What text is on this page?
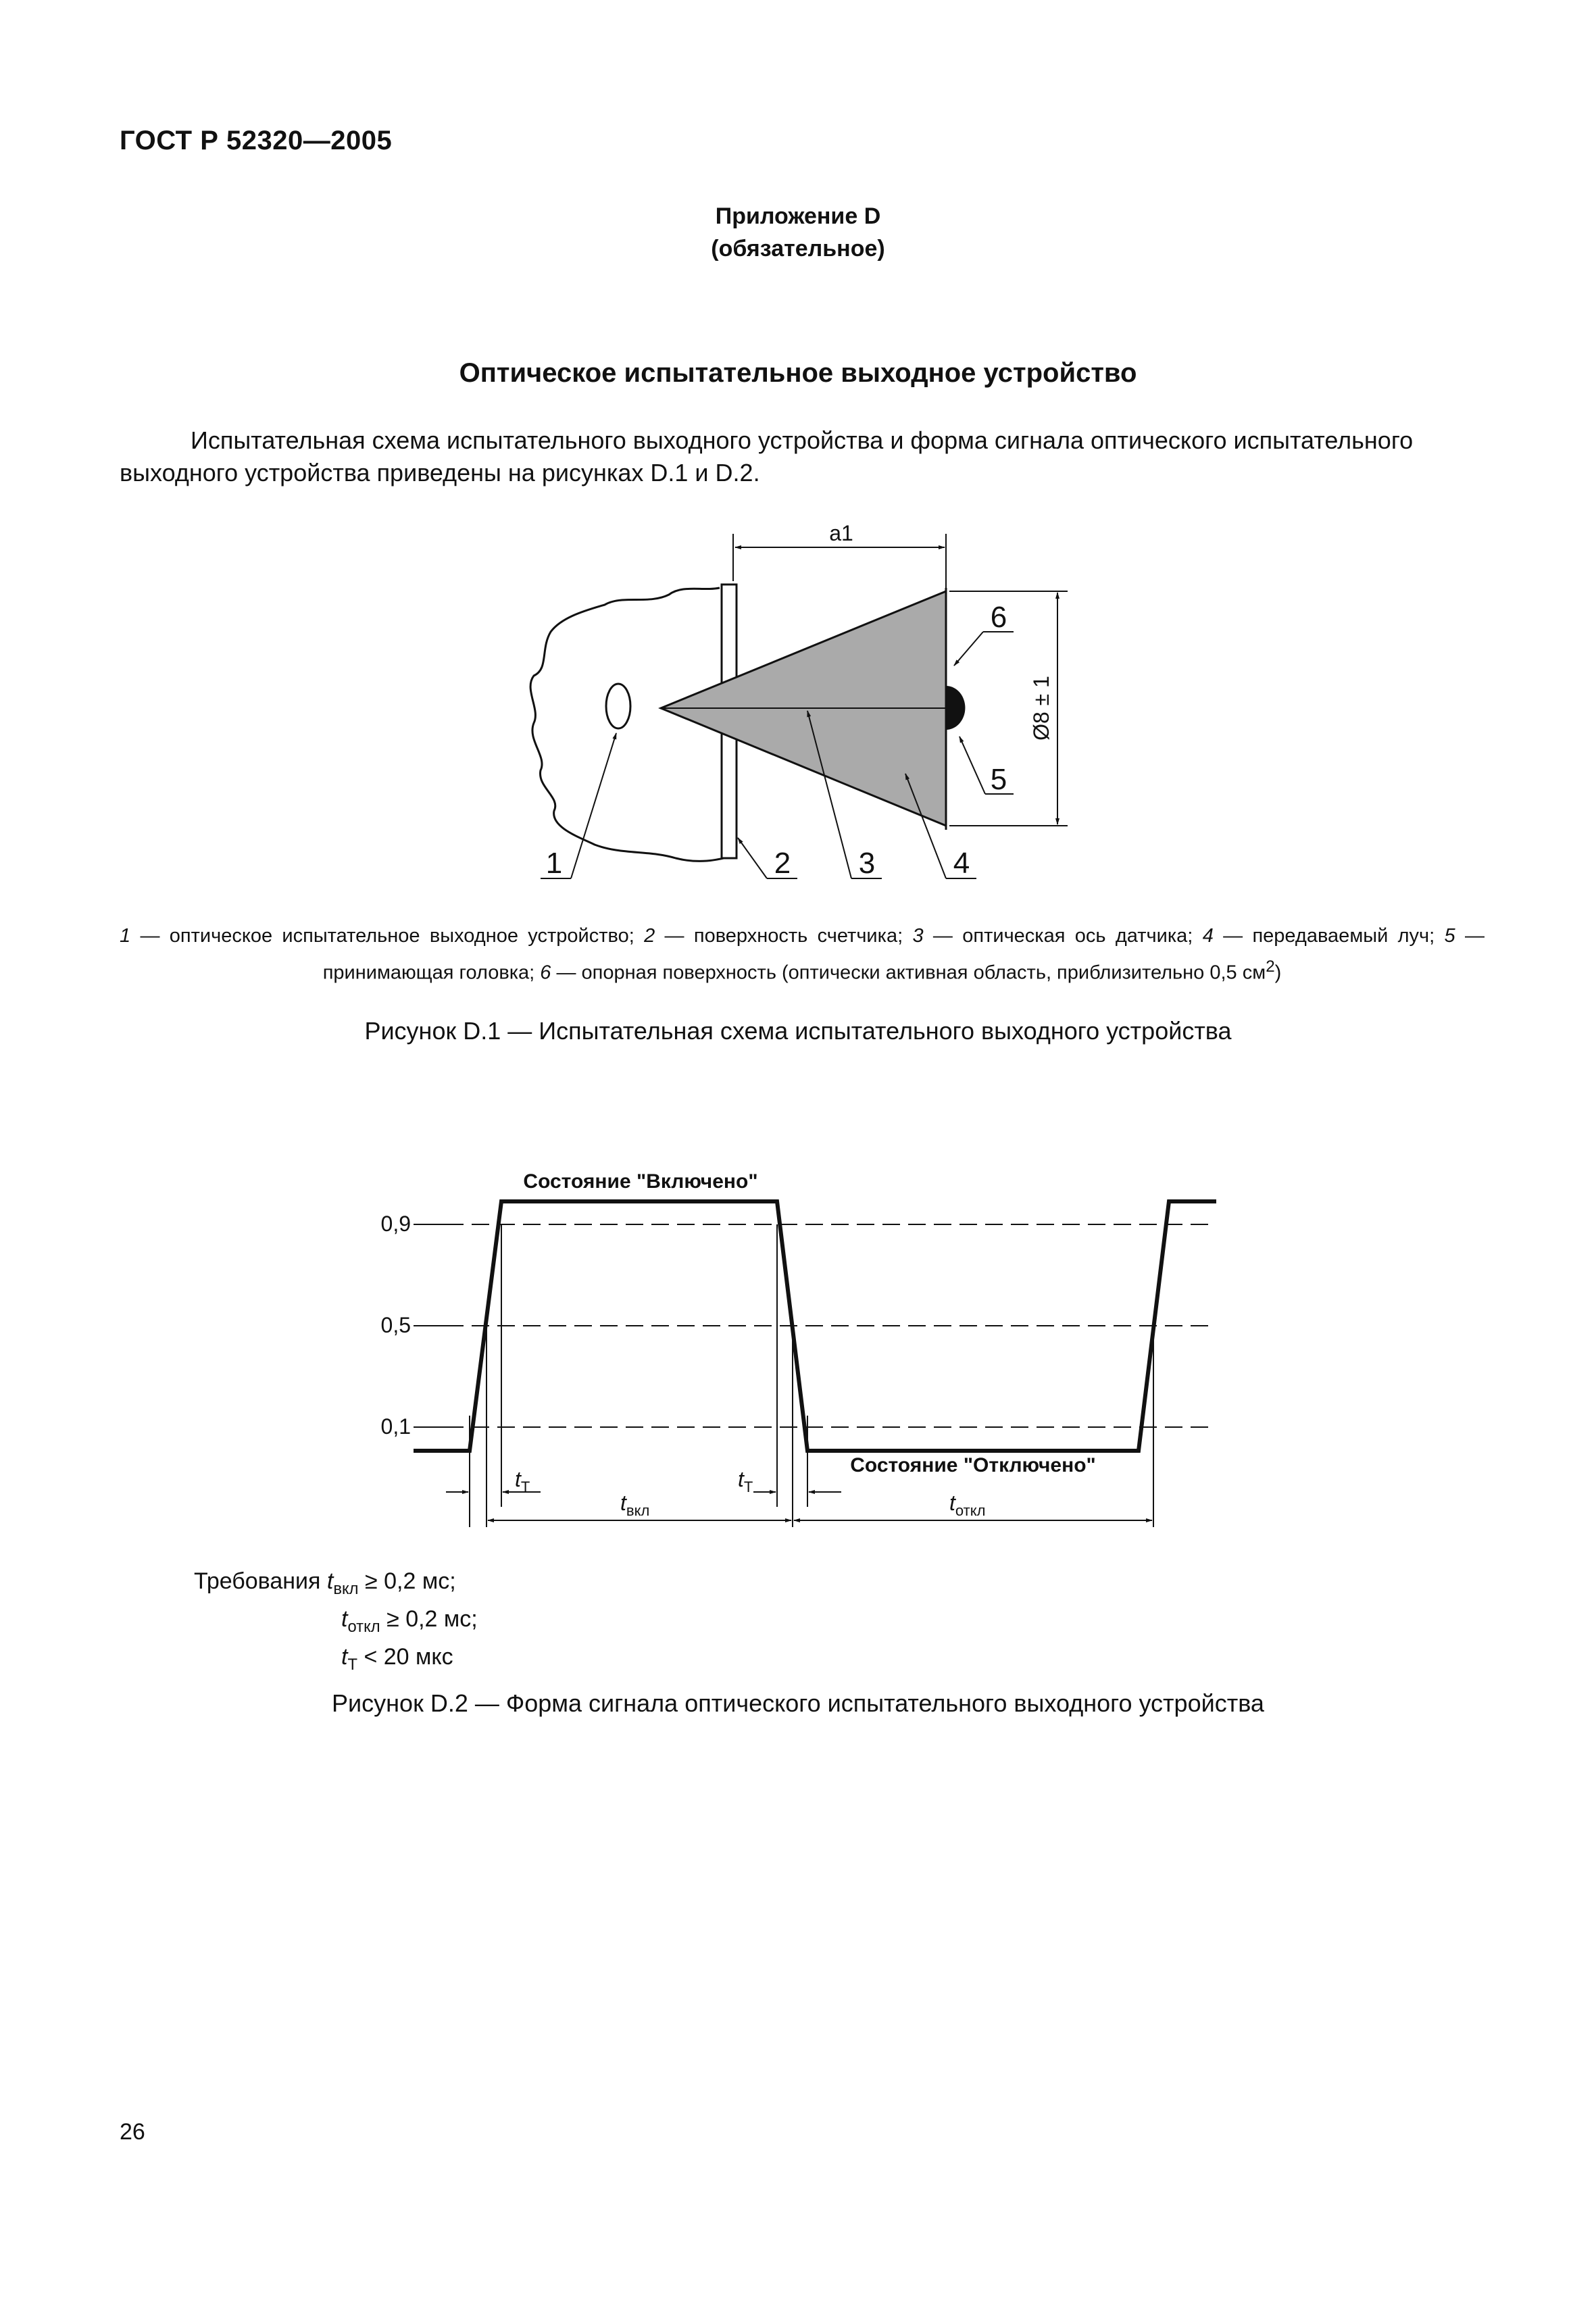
ГОСТ Р 52320—2005
Приложение D
(обязательное)
Оптическое испытательное выходное устройство

Испытательная схема испытательного выходного устройства и форма сигнала оптического испытательного выходного устройства приведены на рисунках D.1 и D.2.

a1
Ø8 ± 1
6
5
1	2 3	4

1 — оптическое испытательное выходное устройство; 2 — поверхность счетчика; 3 — оптическая ось датчика; 4 — передаваемый луч; 5 — принимающая головка; 6 — опорная поверхность (оптически активная область, приблизительно 0,5 $см^2$)

Рисунок D.1 — Испытательная схема испытательного выходного устройства
0,9
0,5
0,1
Состояние "Включено"
Состояние "Отключено"
$t_T$	$t_T$
$t_{вкл}$	$t_{откл}$
Требования $t_{вкл} \ge 0,2$ мс;
$t_{откл} \ge 0,2$ мс;
$t_T < 20$ мкс
Рисунок D.2 — Форма сигнала оптического испытательного выходного устройства
26
